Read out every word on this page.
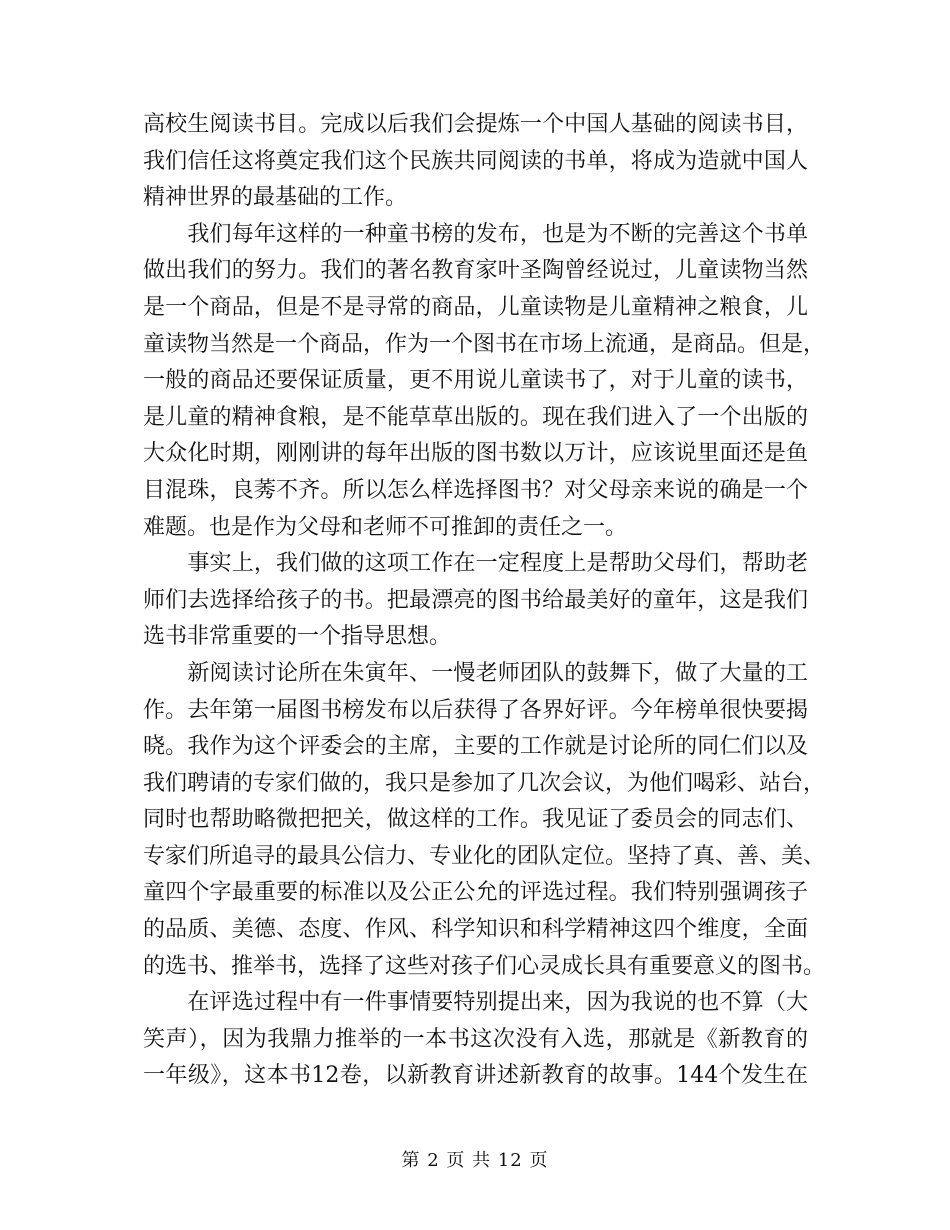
高校生阅读书目。完成以后我们会提炼一个中国人基础的阅读书目，
我们信任这将奠定我们这个民族共同阅读的书单，将成为造就中国人
精神世界的最基础的工作。
　　我们每年这样的一种童书榜的发布，也是为不断的完善这个书单
做出我们的努力。我们的著名教育家叶圣陶曾经说过，儿童读物当然
是一个商品，但是不是寻常的商品，儿童读物是儿童精神之粮食，儿
童读物当然是一个商品，作为一个图书在市场上流通，是商品。但是，
一般的商品还要保证质量，更不用说儿童读书了，对于儿童的读书，
是儿童的精神食粮，是不能草草出版的。现在我们进入了一个出版的
大众化时期，刚刚讲的每年出版的图书数以万计，应该说里面还是鱼
目混珠，良莠不齐。所以怎么样选择图书？对父母亲来说的确是一个
难题。也是作为父母和老师不可推卸的责任之一。
　　事实上，我们做的这项工作在一定程度上是帮助父母们，帮助老
师们去选择给孩子的书。把最漂亮的图书给最美好的童年，这是我们
选书非常重要的一个指导思想。
　　新阅读讨论所在朱寅年、一慢老师团队的鼓舞下，做了大量的工
作。去年第一届图书榜发布以后获得了各界好评。今年榜单很快要揭
晓。我作为这个评委会的主席，主要的工作就是讨论所的同仁们以及
我们聘请的专家们做的，我只是参加了几次会议，为他们喝彩、站台，
同时也帮助略微把把关，做这样的工作。我见证了委员会的同志们、
专家们所追寻的最具公信力、专业化的团队定位。坚持了真、善、美、
童四个字最重要的标准以及公正公允的评选过程。我们特别强调孩子
的品质、美德、态度、作风、科学知识和科学精神这四个维度，全面
的选书、推举书，选择了这些对孩子们心灵成长具有重要意义的图书。
　　在评选过程中有一件事情要特别提出来，因为我说的也不算（大
笑声），因为我鼎力推举的一本书这次没有入选，那就是《新教育的
一年级》，这本书12卷，以新教育讲述新教育的故事。144个发生在
第 2 页 共 12 页
